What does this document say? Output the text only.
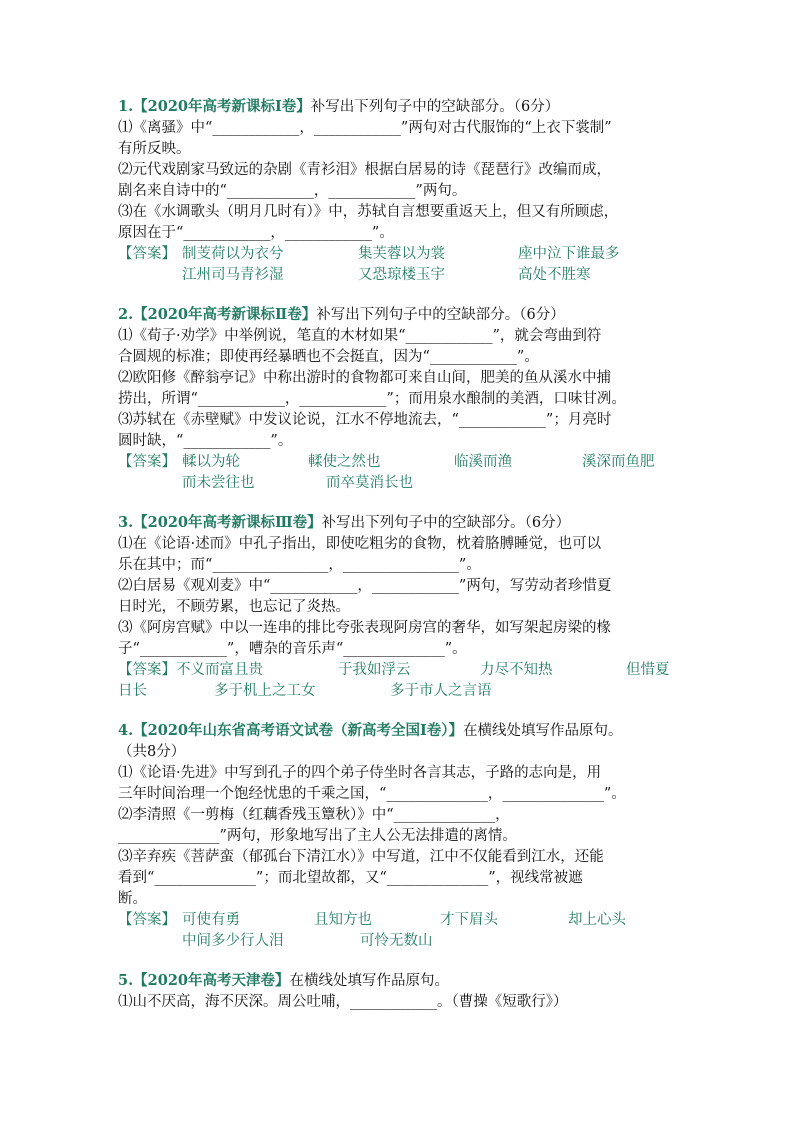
1.【2020年高考新课标Ⅰ卷】补写出下列句子中的空缺部分。（6分）
⑴《离骚》中“____________，____________”两句对古代服饰的“上衣下裳制”
有所反映。
⑵元代戏剧家马致远的杂剧《青衫泪》根据白居易的诗《琵琶行》改编而成，
剧名来自诗中的“____________，____________”两句。
⑶在《水调歌头（明月几时有）》中，苏轼自言想要重返天上，但又有所顾虑，
原因在于“____________，____________”。
【答案】 制芰荷以为衣兮	集芙蓉以为裳	座中泣下谁最多
江州司马青衫湿	又恐琼楼玉宇	高处不胜寒
2.【2020年高考新课标Ⅱ卷】补写出下列句子中的空缺部分。（6分）
⑴《荀子·劝学》中举例说，笔直的木材如果“____________”，就会弯曲到符
合圆规的标准；即使再经暴晒也不会挺直，因为“____________”。
⑵欧阳修《醉翁亭记》中称出游时的食物都可来自山间，肥美的鱼从溪水中捕
捞出，所谓“____________，____________”；而用泉水酿制的美酒，口味甘冽。
⑶苏轼在《赤壁赋》中发议论说，江水不停地流去，“____________”；月亮时
圆时缺，“____________”。
【答案】 輮以为轮	輮使之然也	临溪而渔	溪深而鱼肥
而未尝往也	而卒莫消长也
3.【2020年高考新课标Ⅲ卷】补写出下列句子中的空缺部分。（6分）
⑴在《论语·述而》中孔子指出，即使吃粗劣的食物，枕着胳膊睡觉，也可以
乐在其中；而“________________，________________”。
⑵白居易《观刈麦》中“____________，____________”两句，写劳动者珍惜夏
日时光，不顾劳累，也忘记了炎热。
⑶《阿房宫赋》中以一连串的排比夸张表现阿房宫的奢华，如写架起房梁的椽
子“____________”，嘈杂的音乐声“______________”。
【答案】 不义而富且贵	于我如浮云	力尽不知热	但惜夏
日长	多于机上之工女	多于市人之言语
4.【2020年山东省高考语文试卷（新高考全国Ⅰ卷）】在横线处填写作品原句。
（共8分）
⑴《论语·先进》中写到孔子的四个弟子侍坐时各言其志，子路的志向是，用
三年时间治理一个饱经忧患的千乘之国，“______________，______________”。
⑵李清照《一剪梅（红藕香残玉簟秋）》中“______________，
______________”两句，形象地写出了主人公无法排遣的离情。
⑶辛弃疾《菩萨蛮（郁孤台下清江水）》中写道，江中不仅能看到江水，还能
看到“______________”；而北望故都，又“______________”，视线常被遮
断。
【答案】 可使有勇	且知方也	才下眉头	却上心头
中间多少行人泪	可怜无数山
5.【2020年高考天津卷】在横线处填写作品原句。
⑴山不厌高，海不厌深。周公吐哺，____________。（曹操《短歌行》）
